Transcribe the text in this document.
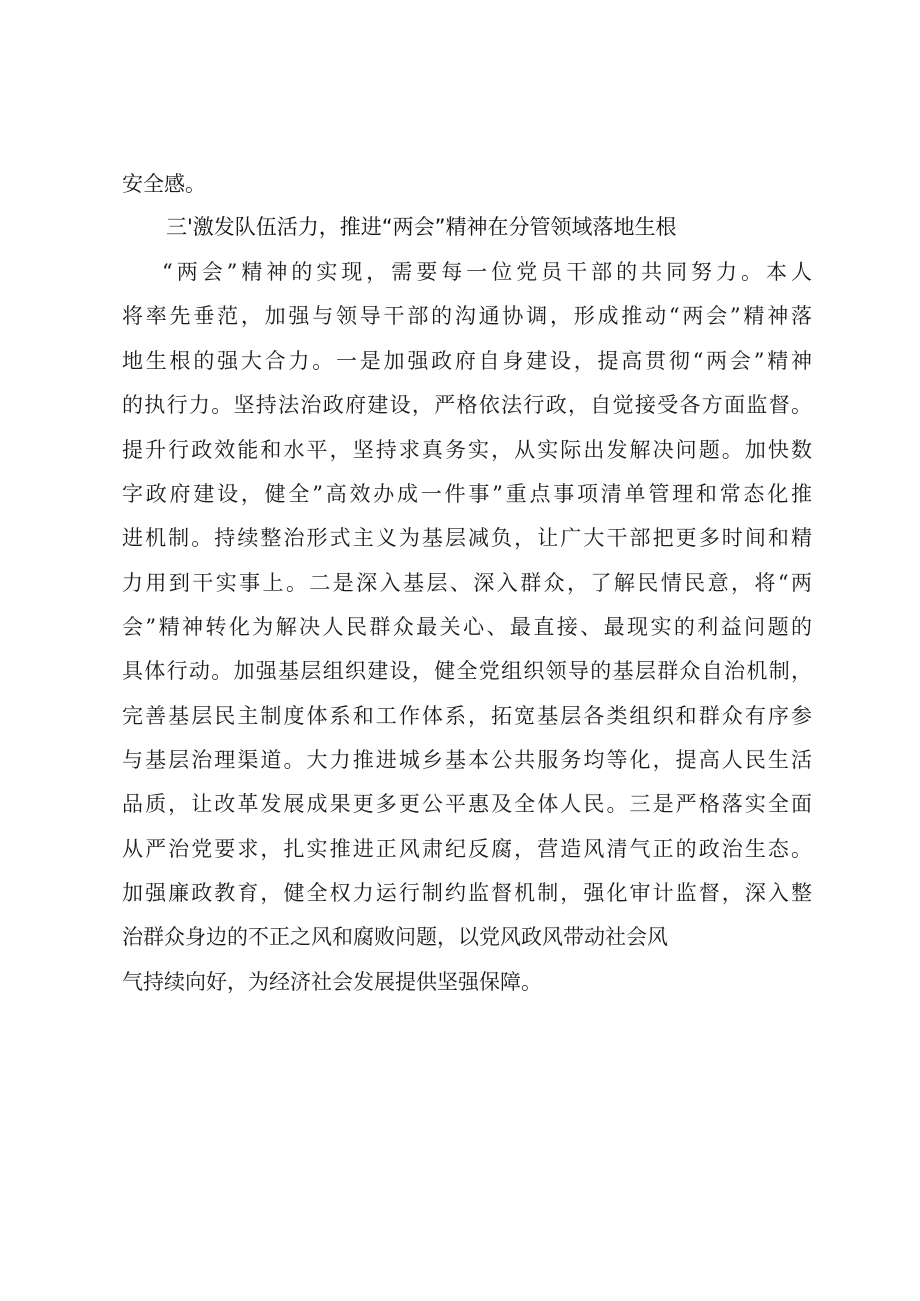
安全感。
三'激发队伍活力，推进“两会”精神在分管领域落地生根
“两会”精神的实现，需要每一位党员干部的共同努力。本人
将率先垂范，加强与领导干部的沟通协调，形成推动“两会”精神落
地生根的强大合力。一是加强政府自身建设，提高贯彻“两会”精神
的执行力。坚持法治政府建设，严格依法行政，自觉接受各方面监督。
提升行政效能和水平，坚持求真务实，从实际出发解决问题。加快数
字政府建设，健全”高效办成一件事”重点事项清单管理和常态化推
进机制。持续整治形式主义为基层减负，让广大干部把更多时间和精
力用到干实事上。二是深入基层、深入群众，了解民情民意，将“两
会”精神转化为解决人民群众最关心、最直接、最现实的利益问题的
具体行动。加强基层组织建设，健全党组织领导的基层群众自治机制，
完善基层民主制度体系和工作体系，拓宽基层各类组织和群众有序参
与基层治理渠道。大力推进城乡基本公共服务均等化，提高人民生活
品质，让改革发展成果更多更公平惠及全体人民。三是严格落实全面
从严治党要求，扎实推进正风肃纪反腐，营造风清气正的政治生态。
加强廉政教育，健全权力运行制约监督机制，强化审计监督，深入整
治群众身边的不正之风和腐败问题，以党风政风带动社会风
气持续向好，为经济社会发展提供坚强保障。
